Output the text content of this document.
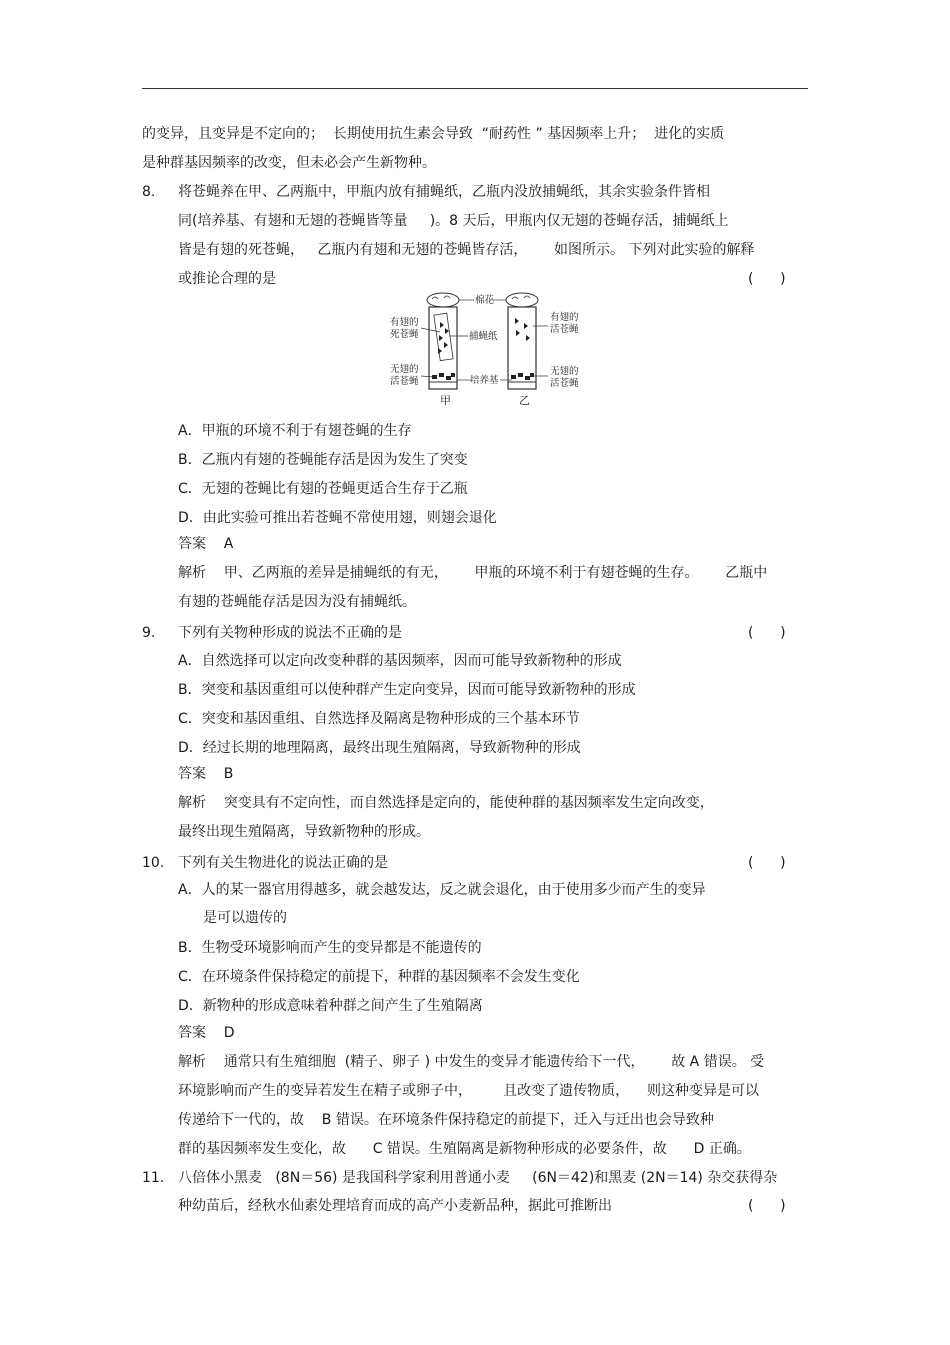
的变异，且变异是不定向的；  长期使用抗生素会导致  “耐药性 ” 基因频率上升；  进化的实质
是种群基因频率的改变，但未必会产生新物种。
8. 将苍蝇养在甲、乙两瓶中，甲瓶内放有捕蝇纸，乙瓶内没放捕蝇纸，其余实验条件皆相
同(培养基、有翅和无翅的苍蝇皆等量     )。8 天后，甲瓶内仅无翅的苍蝇存活，捕蝇纸上
皆是有翅的死苍蝇，   乙瓶内有翅和无翅的苍蝇皆存活，      如图所示。 下列对此实验的解释
或推论合理的是	(      )
棉花
有翅的
死苍蝇	捕蝇纸
无翅的
活苍蝇	培养基
有翅的
活苍蝇
无翅的
活苍蝇
甲	乙
A．甲瓶的环境不利于有翅苍蝇的生存
B．乙瓶内有翅的苍蝇能存活是因为发生了突变
C．无翅的苍蝇比有翅的苍蝇更适合生存于乙瓶
D．由此实验可推出若苍蝇不常使用翅，则翅会退化
答案    A
解析    甲、乙两瓶的差异是捕蝇纸的有无，      甲瓶的环境不利于有翅苍蝇的生存。      乙瓶中
有翅的苍蝇能存活是因为没有捕蝇纸。
9. 下列有关物种形成的说法不正确的是	(      )
A．自然选择可以定向改变种群的基因频率，因而可能导致新物种的形成
B．突变和基因重组可以使种群产生定向变异，因而可能导致新物种的形成
C．突变和基因重组、自然选择及隔离是物种形成的三个基本环节
D．经过长期的地理隔离，最终出现生殖隔离，导致新物种的形成
答案    B
解析    突变具有不定向性，而自然选择是定向的，能使种群的基因频率发生定向改变，
最终出现生殖隔离，导致新物种的形成。
10. 下列有关生物进化的说法正确的是	(      )
A．人的某一器官用得越多，就会越发达，反之就会退化，由于使用多少而产生的变异
是可以遗传的
B．生物受环境影响而产生的变异都是不能遗传的
C．在环境条件保持稳定的前提下，种群的基因频率不会发生变化
D．新物种的形成意味着种群之间产生了生殖隔离
答案    D
解析    通常只有生殖细胞  (精子、卵子 ) 中发生的变异才能遗传给下一代，      故 A 错误。 受
环境影响而产生的变异若发生在精子或卵子中，       且改变了遗传物质，    则这种变异是可以
传递给下一代的，故    B 错误。在环境条件保持稳定的前提下，迁入与迁出也会导致种
群的基因频率发生变化，故      C 错误。生殖隔离是新物种形成的必要条件，故      D 正确。
11. 八倍体小黑麦   (8N＝56) 是我国科学家利用普通小麦     (6N＝42)和黑麦 (2N＝14) 杂交获得杂
种幼苗后，经秋水仙素处理培育而成的高产小麦新品种，据此可推断出	(      )
